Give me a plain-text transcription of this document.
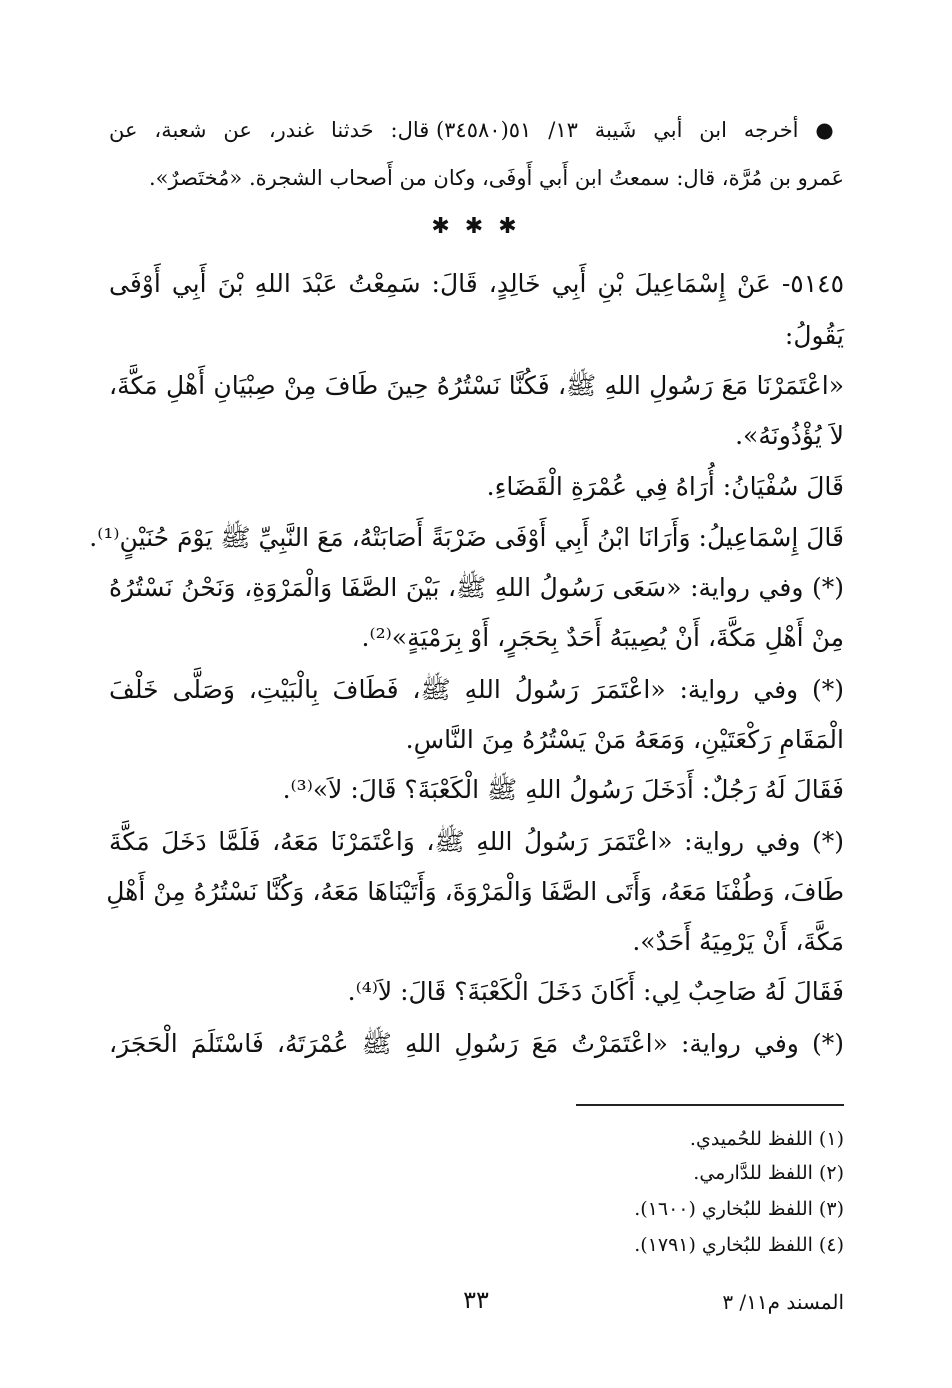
● أخرجه ابن أبي شَيبة ١٣/ ٥١(٣٤٥٨٠) قال: حَدثنا غندر، عن شعبة، عن
عَمرو بن مُرَّة، قال: سمعتُ ابن أَبي أَوفَى، وكان من أَصحاب الشجرة. «مُختَصرٌ».
✱ ✱ ✱
٥١٤٥- عَنْ إِسْمَاعِيلَ بْنِ أَبِي خَالِدٍ، قَالَ: سَمِعْتُ عَبْدَ اللهِ بْنَ أَبِي أَوْفَى
يَقُولُ:
«اعْتَمَرْنَا مَعَ رَسُولِ اللهِ ﷺ، فَكُنَّا نَسْتُرُهُ حِينَ طَافَ مِنْ صِبْيَانِ أَهْلِ مَكَّةَ،
لاَ يُؤْذُونَهُ».
قَالَ سُفْيَانُ: أُرَاهُ فِي عُمْرَةِ الْقَضَاءِ.
قَالَ إِسْمَاعِيلُ: وَأَرَانَا ابْنُ أَبِي أَوْفَى ضَرْبَةً أَصَابَتْهُ، مَعَ النَّبِيِّ ﷺ يَوْمَ حُنَيْنٍ⁽¹⁾.
(*) وفي رواية: «سَعَى رَسُولُ اللهِ ﷺ، بَيْنَ الصَّفَا وَالْمَرْوَةِ، وَنَحْنُ نَسْتُرُهُ
مِنْ أَهْلِ مَكَّةَ، أَنْ يُصِيبَهُ أَحَدٌ بِحَجَرٍ، أَوْ بِرَمْيَةٍ»⁽²⁾.
(*) وفي رواية: «اعْتَمَرَ رَسُولُ اللهِ ﷺ، فَطَافَ بِالْبَيْتِ، وَصَلَّى خَلْفَ
الْمَقَامِ رَكْعَتَيْنِ، وَمَعَهُ مَنْ يَسْتُرُهُ مِنَ النَّاسِ.
فَقَالَ لَهُ رَجُلٌ: أَدَخَلَ رَسُولُ اللهِ ﷺ الْكَعْبَةَ؟ قَالَ: لاَ»⁽³⁾.
(*) وفي رواية: «اعْتَمَرَ رَسُولُ اللهِ ﷺ، وَاعْتَمَرْنَا مَعَهُ، فَلَمَّا دَخَلَ مَكَّةَ
طَافَ، وَطُفْنَا مَعَهُ، وَأَتَى الصَّفَا وَالْمَرْوَةَ، وَأَتَيْنَاهَا مَعَهُ، وَكُنَّا نَسْتُرُهُ مِنْ أَهْلِ
مَكَّةَ، أَنْ يَرْمِيَهُ أَحَدٌ».
فَقَالَ لَهُ صَاحِبٌ لِي: أَكَانَ دَخَلَ الْكَعْبَةَ؟ قَالَ: لاَ⁽⁴⁾.
(*) وفي رواية: «اعْتَمَرْتُ مَعَ رَسُولِ اللهِ ﷺ عُمْرَتَهُ، فَاسْتَلَمَ الْحَجَرَ،
(١) اللفظ للحُميدي.
(٢) اللفظ للدَّارمي.
(٣) اللفظ للبُخاري (١٦٠٠).
(٤) اللفظ للبُخاري (١٧٩١).
المسند م١١/ ٣
٣٣
